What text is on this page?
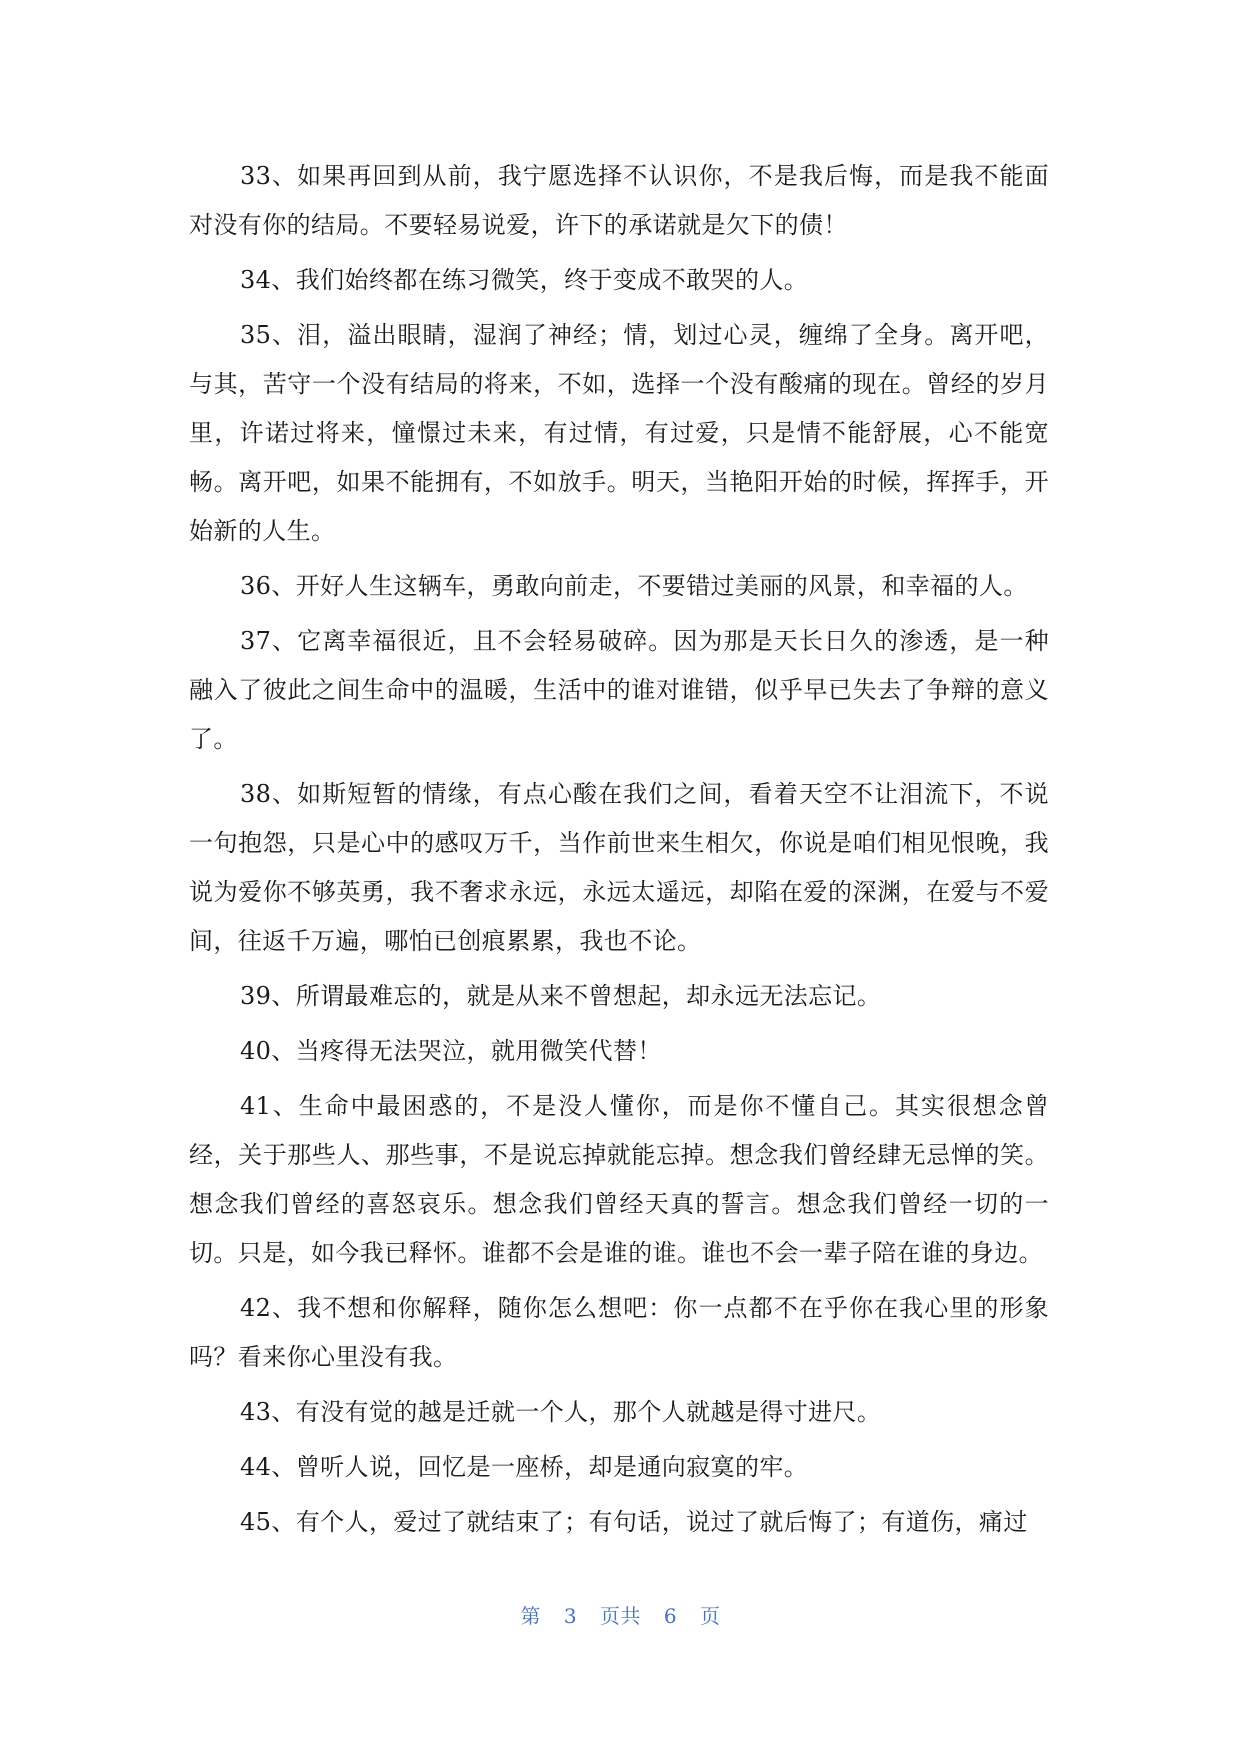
33、如果再回到从前，我宁愿选择不认识你，不是我后悔，而是我不能面对没有你的结局。不要轻易说爱，许下的承诺就是欠下的债！

34、我们始终都在练习微笑，终于变成不敢哭的人。

35、泪，溢出眼睛，湿润了神经；情，划过心灵，缠绵了全身。离开吧，与其，苦守一个没有结局的将来，不如，选择一个没有酸痛的现在。曾经的岁月里，许诺过将来，憧憬过未来，有过情，有过爱，只是情不能舒展，心不能宽畅。离开吧，如果不能拥有，不如放手。明天，当艳阳开始的时候，挥挥手，开始新的人生。

36、开好人生这辆车，勇敢向前走，不要错过美丽的风景，和幸福的人。

37、它离幸福很近，且不会轻易破碎。因为那是天长日久的渗透，是一种融入了彼此之间生命中的温暖，生活中的谁对谁错，似乎早已失去了争辩的意义了。

38、如斯短暂的情缘，有点心酸在我们之间，看着天空不让泪流下，不说一句抱怨，只是心中的感叹万千，当作前世来生相欠，你说是咱们相见恨晚，我说为爱你不够英勇，我不奢求永远，永远太遥远，却陷在爱的深渊，在爱与不爱间，往返千万遍，哪怕已创痕累累，我也不论。

39、所谓最难忘的，就是从来不曾想起，却永远无法忘记。

40、当疼得无法哭泣，就用微笑代替！

41、生命中最困惑的，不是没人懂你，而是你不懂自己。其实很想念曾经，关于那些人、那些事，不是说忘掉就能忘掉。想念我们曾经肆无忌惮的笑。想念我们曾经的喜怒哀乐。想念我们曾经天真的誓言。想念我们曾经一切的一切。只是，如今我已释怀。谁都不会是谁的谁。谁也不会一辈子陪在谁的身边。

42、我不想和你解释，随你怎么想吧：你一点都不在乎你在我心里的形象吗？看来你心里没有我。

43、有没有觉的越是迁就一个人，那个人就越是得寸进尺。

44、曾听人说，回忆是一座桥，却是通向寂寞的牢。

45、有个人，爱过了就结束了；有句话，说过了就后悔了；有道伤，痛过

第 3 页共 6 页
